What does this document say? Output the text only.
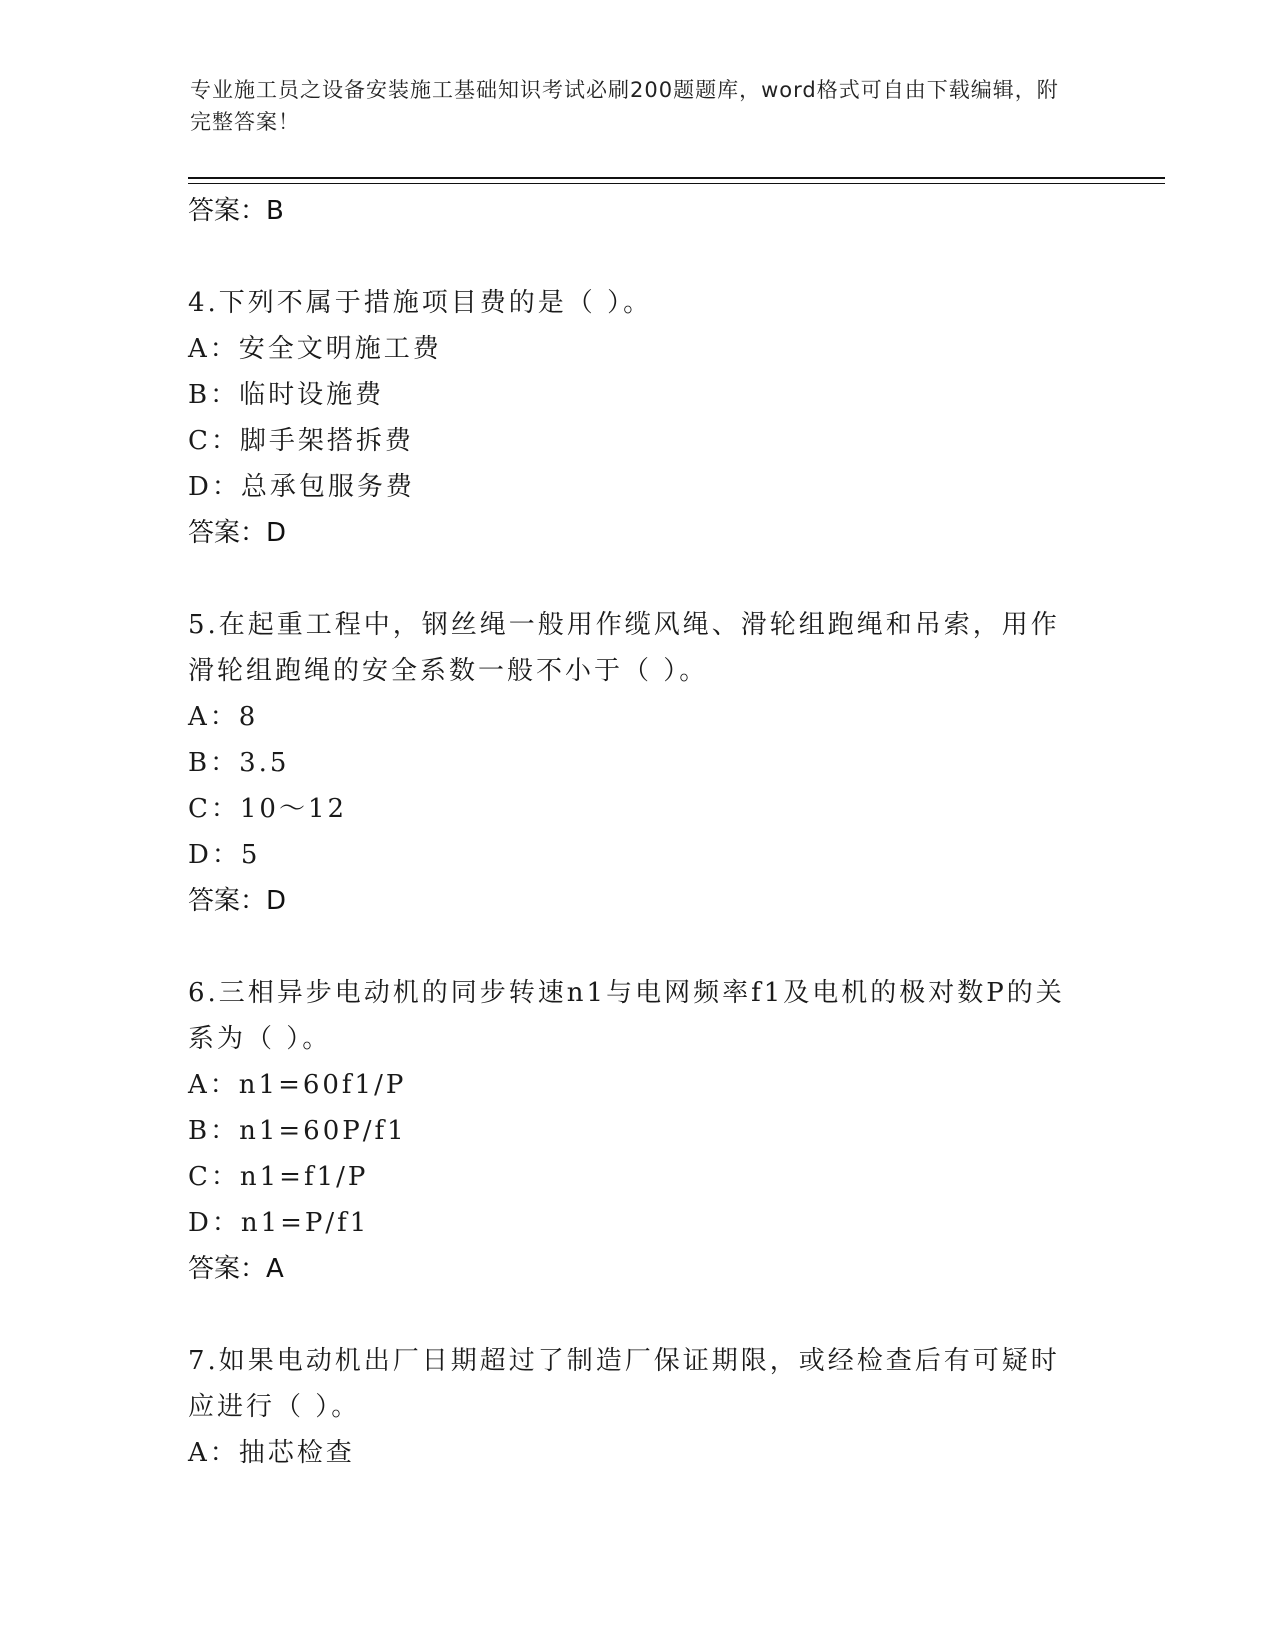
专业施工员之设备安装施工基础知识考试必刷200题题库，word格式可自由下载编辑，附完整答案！
答案：B
4.下列不属于措施项目费的是（ ）。
A：安全文明施工费
B：临时设施费
C：脚手架搭拆费
D：总承包服务费
答案：D
5.在起重工程中，钢丝绳一般用作缆风绳、滑轮组跑绳和吊索，用作滑轮组跑绳的安全系数一般不小于（ ）。
A：8
B：3.5
C：10～12
D：5
答案：D
6.三相异步电动机的同步转速n1与电网频率f1及电机的极对数P的关系为（ ）。
A：n1=60f1/P
B：n1=60P/f1
C：n1=f1/P
D：n1=P/f1
答案：A
7.如果电动机出厂日期超过了制造厂保证期限，或经检查后有可疑时应进行（ ）。
A：抽芯检查
